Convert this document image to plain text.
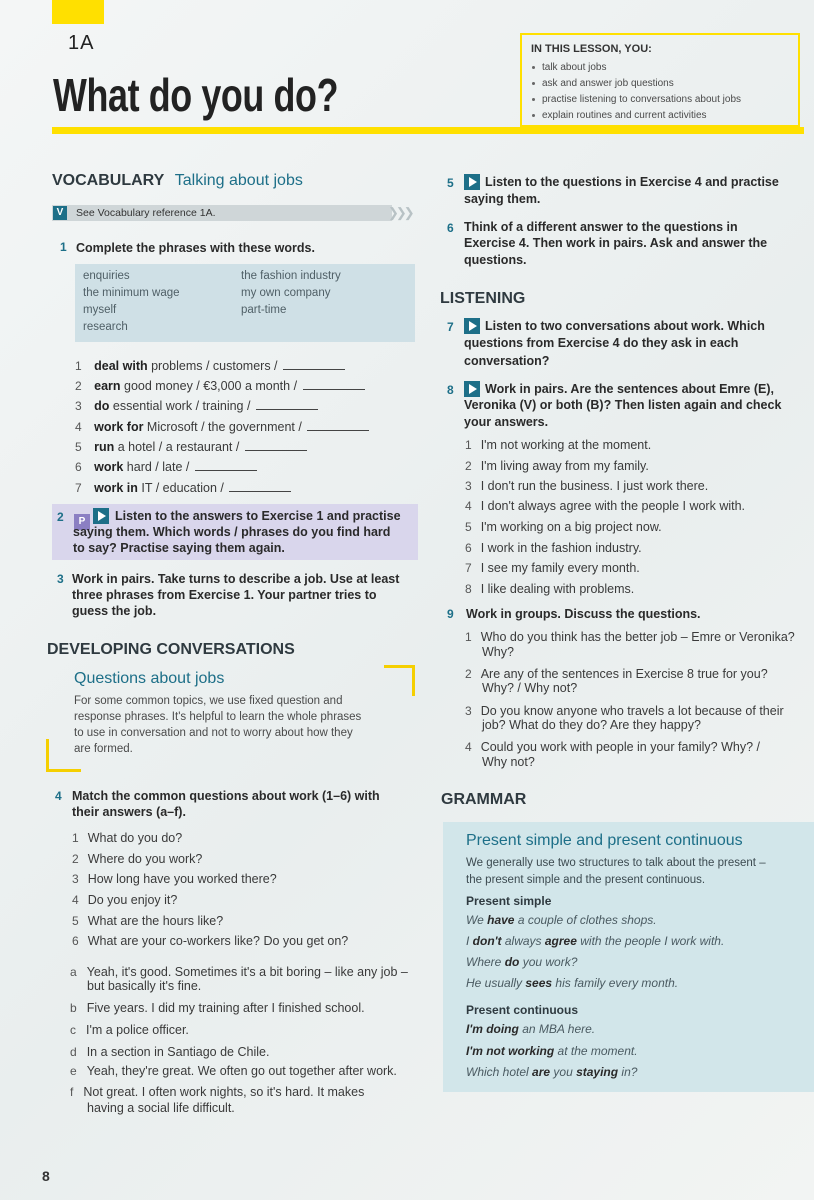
1A
What do you do?
IN THIS LESSON, YOU:
talk about jobs
ask and answer job questions
practise listening to conversations about jobs
explain routines and current activities
VOCABULARY Talking about jobs
❯❯❯
V	See Vocabulary reference 1A.
1 Complete the phrases with these words.
enquiries
the minimum wage
myself
research
the fashion industry
my own company
part-time
1 deal with problems / customers /
2 earn good money / €3,000 a month /
3 do essential work / training /
4 work for Microsoft / the government /
5 run a hotel / a restaurant /
6 work hard / late /
7 work in IT / education /
2	P	Listen to the answers to Exercise 1 and practise
saying them. Which words / phrases do you find hard
to say? Practise saying them again.
3 Work in pairs. Take turns to describe a job. Use at least
three phrases from Exercise 1. Your partner tries to
guess the job.
DEVELOPING CONVERSATIONS
Questions about jobs
For some common topics, we use fixed question and
response phrases. It's helpful to learn the whole phrases
to use in conversation and not to worry about how they
are formed.
4 Match the common questions about work (1–6) with
their answers (a–f).
1 What do you do?
2 Where do you work?
3 How long have you worked there?
4 Do you enjoy it?
5 What are the hours like?
6 What are your co-workers like? Do you get on?
a Yeah, it's good. Sometimes it's a bit boring – like any job –
but basically it's fine.
b Five years. I did my training after I finished school.
c I'm a police officer.
d In a section in Santiago de Chile.
e Yeah, they're great. We often go out together after work.
f Not great. I often work nights, so it's hard. It makes
having a social life difficult.
5	Listen to the questions in Exercise 4 and practise
saying them.
6 Think of a different answer to the questions in
Exercise 4. Then work in pairs. Ask and answer the
questions.
LISTENING
7	Listen to two conversations about work. Which
questions from Exercise 4 do they ask in each
conversation?
8	Work in pairs. Are the sentences about Emre (E),
Veronika (V) or both (B)? Then listen again and check
your answers.
1 I'm not working at the moment.
2 I'm living away from my family.
3 I don't run the business. I just work there.
4 I don't always agree with the people I work with.
5 I'm working on a big project now.
6 I work in the fashion industry.
7 I see my family every month.
8 I like dealing with problems.
9 Work in groups. Discuss the questions.
1 Who do you think has the better job – Emre or Veronika?
Why?
2 Are any of the sentences in Exercise 8 true for you?
Why? / Why not?
3 Do you know anyone who travels a lot because of their
job? What do they do? Are they happy?
4 Could you work with people in your family? Why? /
Why not?
GRAMMAR
Present simple and present continuous
We generally use two structures to talk about the present –
the present simple and the present continuous.
Present simple
We have a couple of clothes shops.
I don't always agree with the people I work with.
Where do you work?
He usually sees his family every month.
Present continuous
I'm doing an MBA here.
I'm not working at the moment.
Which hotel are you staying in?
8
